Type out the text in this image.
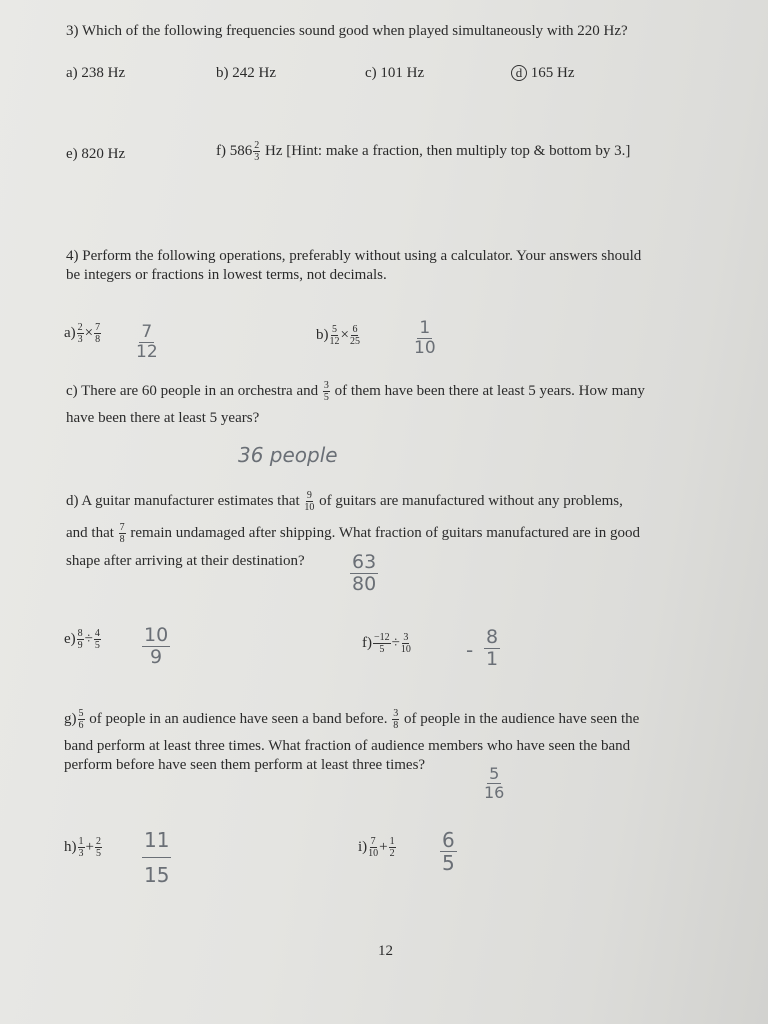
3) Which of the following frequencies sound good when played simultaneously with 220 Hz?
a) 238 Hz	b) 242 Hz	c) 101 Hz	d 165 Hz
e) 820 Hz	f) $586 \frac{2}{3}$ Hz [Hint: make a fraction, then multiply top & bottom by 3.]
4) Perform the following operations, preferably without using a calculator. Your answers should
be integers or fractions in lowest terms, not decimals.
$a) \frac{2}{3} \times \frac{7}{8} 7$
12
$b) \frac{5}{12} \times \frac{6}{25}$	1
10
c) There are 60 people in an orchestra and $\frac{3}{5}$ of them have been there at least 5 years. How many
have been there at least 5 years?
36 people
d) A guitar manufacturer estimates that $\frac{9}{10}$ of guitars are manufactured without any problems,
and that $\frac{7}{8}$ remain undamaged after shipping. What fraction of guitars manufactured are in good
shape after arriving at their destination? 63
80
$e) \frac{8}{9} \div \frac{4}{5} 10$
9
$f) \frac{-12}{5} \div \frac{3}{10}$	-
8
1
$g) \frac{5}{6}$ of people in an audience have seen a band before. $\frac{3}{8}$ of people in the audience have seen the
band perform at least three times. What fraction of audience members who have seen the band
perform before have seen them perform at least three times?	5
16
$h) \frac{1}{3} + \frac{2}{5} 11$
15
$i) \frac{7}{10} + \frac{1}{2} 6$
5
12
